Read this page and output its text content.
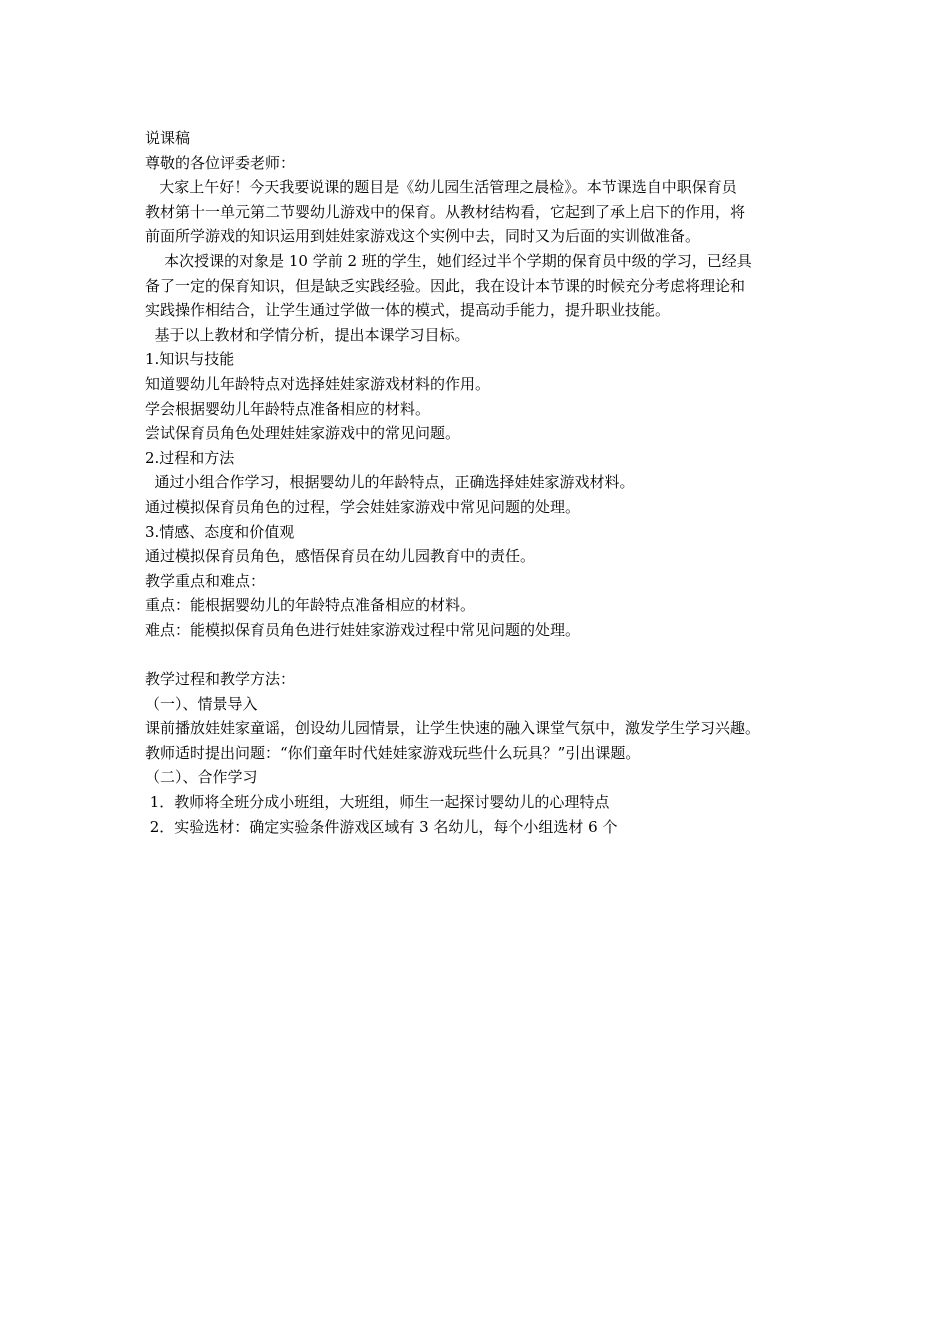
说课稿
尊敬的各位评委老师：
大家上午好！今天我要说课的题目是《幼儿园生活管理之晨检》。本节课选自中职保育员
教材第十一单元第二节婴幼儿游戏中的保育。从教材结构看，它起到了承上启下的作用，将
前面所学游戏的知识运用到娃娃家游戏这个实例中去，同时又为后面的实训做准备。
本次授课的对象是 10 学前 2 班的学生，她们经过半个学期的保育员中级的学习，已经具
备了一定的保育知识，但是缺乏实践经验。因此，我在设计本节课的时候充分考虑将理论和
实践操作相结合，让学生通过学做一体的模式，提高动手能力，提升职业技能。
基于以上教材和学情分析，提出本课学习目标。
1.知识与技能
知道婴幼儿年龄特点对选择娃娃家游戏材料的作用。
学会根据婴幼儿年龄特点准备相应的材料。
尝试保育员角色处理娃娃家游戏中的常见问题。
2.过程和方法
通过小组合作学习，根据婴幼儿的年龄特点，正确选择娃娃家游戏材料。
通过模拟保育员角色的过程，学会娃娃家游戏中常见问题的处理。
3.情感、态度和价值观
通过模拟保育员角色，感悟保育员在幼儿园教育中的责任。
教学重点和难点：
重点：能根据婴幼儿的年龄特点准备相应的材料。
难点：能模拟保育员角色进行娃娃家游戏过程中常见问题的处理。
教学过程和教学方法：
（一）、情景导入
课前播放娃娃家童谣，创设幼儿园情景，让学生快速的融入课堂气氛中，激发学生学习兴趣。
教师适时提出问题：“你们童年时代娃娃家游戏玩些什么玩具？”引出课题。
（二）、合作学习
1．教师将全班分成小班组，大班组，师生一起探讨婴幼儿的心理特点
2．实验选材：确定实验条件游戏区域有 3 名幼儿，每个小组选材 6 个
